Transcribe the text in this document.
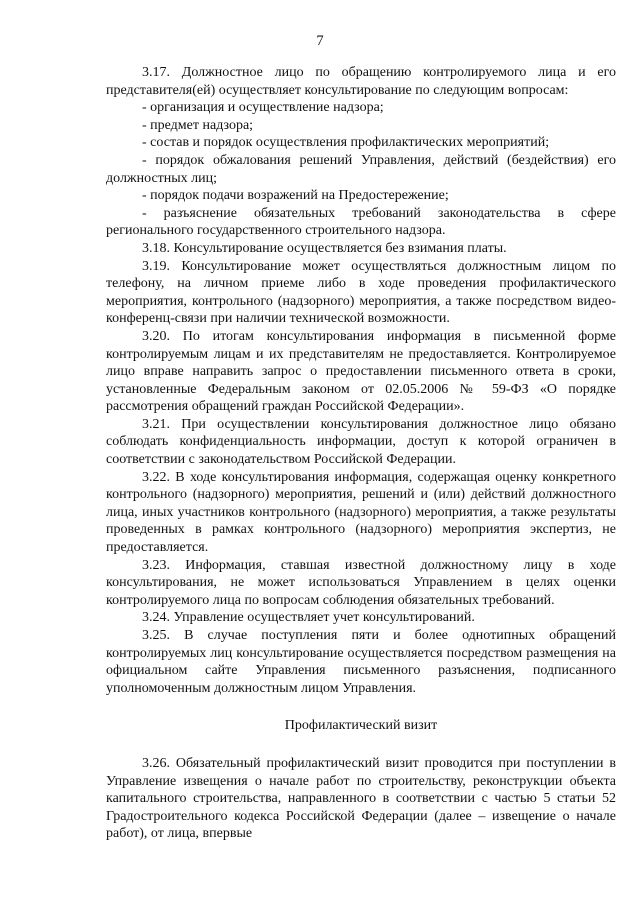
7

3.17. Должностное лицо по обращению контролируемого лица и его представителя(ей) осуществляет консультирование по следующим вопросам:

- организация и осуществление надзора;

- предмет надзора;

- состав и порядок осуществления профилактических мероприятий;

- порядок обжалования решений Управления, действий (бездействия) его должностных лиц;

- порядок подачи возражений на Предостережение;

- разъяснение обязательных требований законодательства в сфере регионального государственного строительного надзора.

3.18. Консультирование осуществляется без взимания платы.

3.19. Консультирование может осуществляться должностным лицом по телефону, на личном приеме либо в ходе проведения профилактического мероприятия, контрольного (надзорного) мероприятия, а также посредством видео-конференц-связи при наличии технической возможности.

3.20. По итогам консультирования информация в письменной форме контролируемым лицам и их представителям не предоставляется. Контролируемое лицо вправе направить запрос о предоставлении письменного ответа в сроки, установленные Федеральным законом от 02.05.2006 № 59-ФЗ «О порядке рассмотрения обращений граждан Российской Федерации».

3.21. При осуществлении консультирования должностное лицо обязано соблюдать конфиденциальность информации, доступ к которой ограничен в соответствии с законодательством Российской Федерации.

3.22. В ходе консультирования информация, содержащая оценку конкретного контрольного (надзорного) мероприятия, решений и (или) действий должностного лица, иных участников контрольного (надзорного) мероприятия, а также результаты проведенных в рамках контрольного (надзорного) мероприятия экспертиз, не предоставляется.

3.23. Информация, ставшая известной должностному лицу в ходе консультирования, не может использоваться Управлением в целях оценки контролируемого лица по вопросам соблюдения обязательных требований.

3.24. Управление осуществляет учет консультирований.

3.25. В случае поступления пяти и более однотипных обращений контролируемых лиц консультирование осуществляется посредством размещения на официальном сайте Управления письменного разъяснения, подписанного уполномоченным должностным лицом Управления.

Профилактический визит

3.26. Обязательный профилактический визит проводится при поступлении в Управление извещения о начале работ по строительству, реконструкции объекта капитального строительства, направленного в соответствии с частью 5 статьи 52 Градостроительного кодекса Российской Федерации (далее – извещение о начале работ), от лица, впервые
